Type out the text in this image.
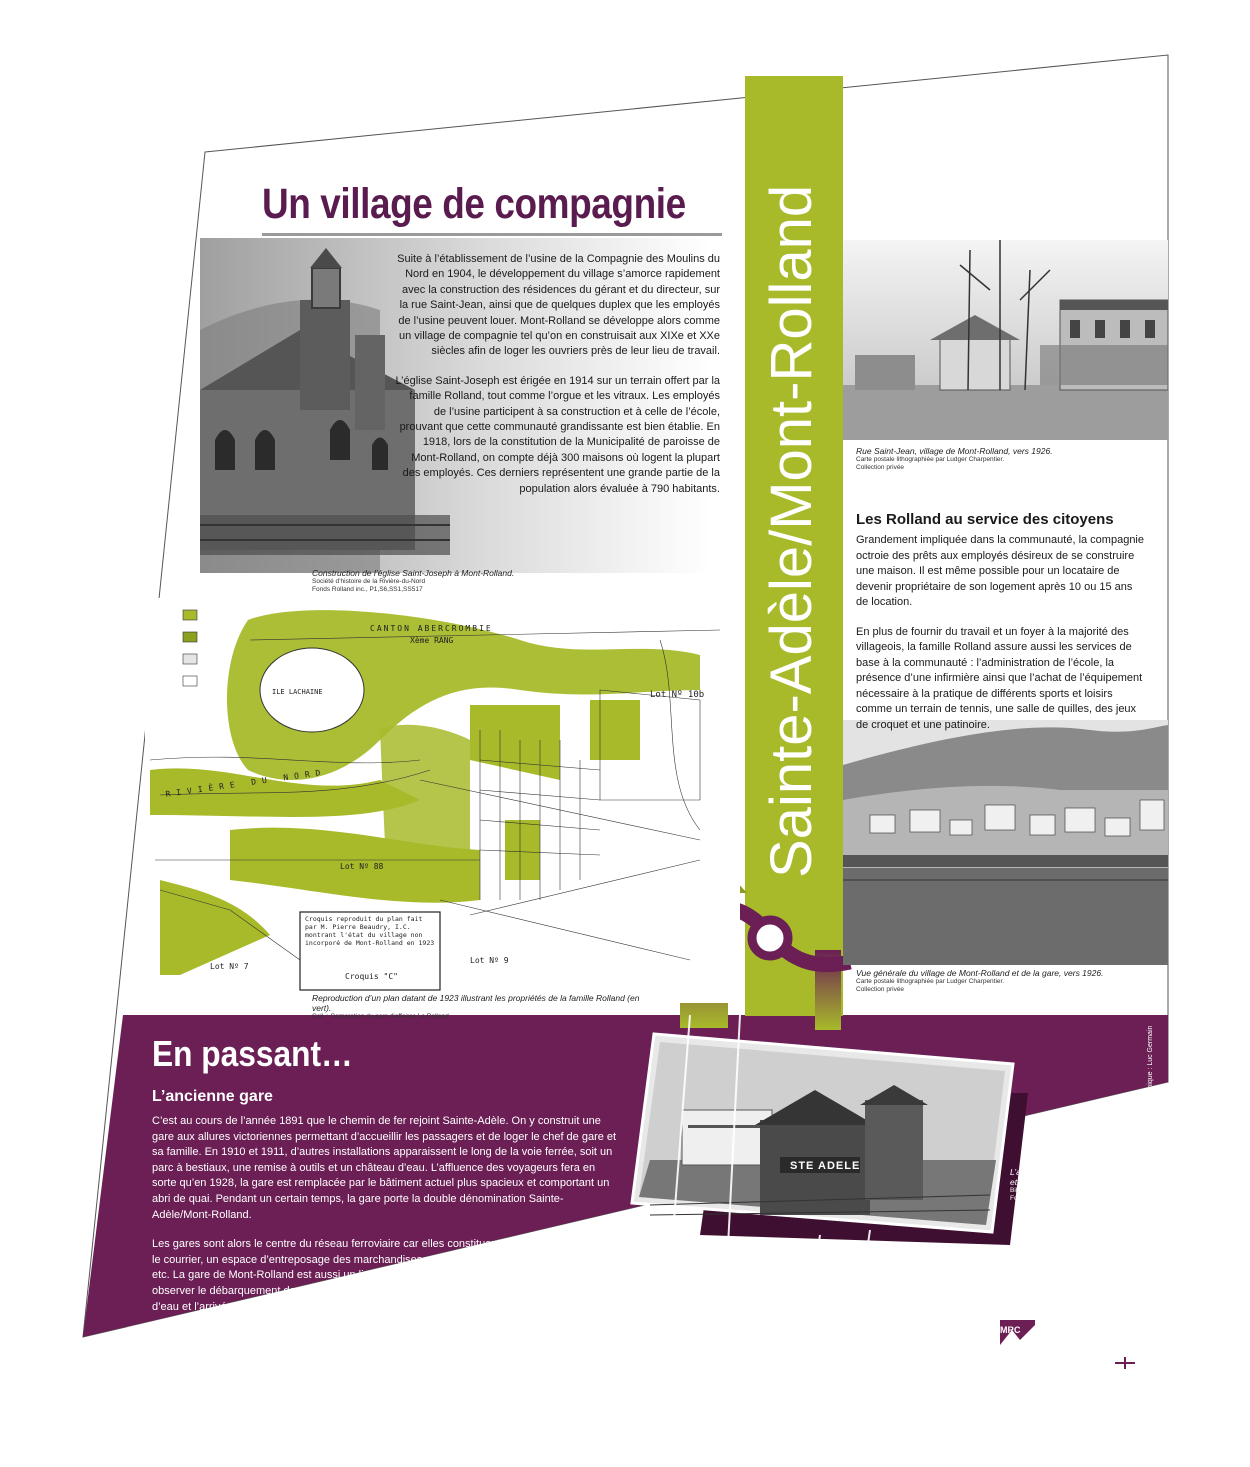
Un village de compagnie

Suite à l’établissement de l’usine de la Compagnie des Moulins du Nord en 1904, le développement du village s’amorce rapidement avec la construction des résidences du gérant et du directeur, sur la rue Saint-Jean, ainsi que de quelques duplex que les employés de l’usine peuvent louer. Mont-Rolland se développe alors comme un village de compagnie tel qu’on en construisait aux XIXe et XXe siècles afin de loger les ouvriers près de leur lieu de travail.

L’église Saint-Joseph est érigée en 1914 sur un terrain offert par la famille Rolland, tout comme l’orgue et les vitraux. Les employés de l’usine participent à sa construction et à celle de l’école, prouvant que cette communauté grandissante est bien établie. En 1918, lors de la constitution de la Municipalité de paroisse de Mont-Rolland, on compte déjà 300 maisons où logent la plupart des employés. Ces derniers représentent une grande partie de la population alors évaluée à 790 habitants.

Construction de l’église Saint-Joseph à Mont-Rolland.
Société d’histoire de la Rivière-du-Nord
Fonds Rolland inc., P1,S6,SS1,SS517
CANTON ABERCROMBIE
Xème RANG
ILE LACHAINE	Lot Nº 10b
Lot Nº 88
Lot Nº 9
Lot Nº 7
RIVIÈRE DU NORD
Croquis reproduit du plan fait par M. Pierre Beaudry, I.C. montrant l'état du village non incorporé de Mont-Rolland en 1923
Croquis "C"
Reproduction d’un plan datant de 1923 illustrant les propriétés de la famille Rolland (en vert).
Coll. : Corporation du parc d’affaires La Rolland
GARE DE Sainte-Adèle/Mont-Rolland	Rue Saint-Jean, village de Mont-Rolland, vers 1926.
Carte postale lithographiée par Ludger Charpentier.
Collection privée
Les Rolland au service des citoyens

Grandement impliquée dans la communauté, la compagnie octroie des prêts aux employés désireux de se construire une maison. Il est même possible pour un locataire de devenir propriétaire de son logement après 10 ou 15 ans de location.

En plus de fournir du travail et un foyer à la majorité des villageois, la famille Rolland assure aussi les services de base à la communauté : l’administration de l’école, la présence d’une infirmière ainsi que l’achat de l’équipement nécessaire à la pratique de différents sports et loisirs comme un terrain de tennis, une salle de quilles, des jeux de croquet et une patinoire.

Vue générale du village de Mont-Rolland et de la gare, vers 1926.
Carte postale lithographiée par Ludger Charpentier.
Collection privée
En passant…
L’ancienne gare

C’est au cours de l’année 1891 que le chemin de fer rejoint Sainte-Adèle. On y construit une gare aux allures victoriennes permettant d’accueillir les passagers et de loger le chef de gare et sa famille. En 1910 et 1911, d’autres installations apparaissent le long de la voie ferrée, soit un parc à bestiaux, une remise à outils et un château d’eau. L’affluence des voyageurs fera en sorte qu’en 1928, la gare est remplacée par le bâtiment actuel plus spacieux et comportant un abri de quai. Pendant un certain temps, la gare porte la double dénomination Sainte-Adèle/Mont-Rolland.

Les gares sont alors le centre du réseau ferroviaire car elles constituent un point de chute pour le courrier, un espace d’entreposage des marchandises, un lieu de contrôle du trafic ferroviaire, etc. La gare de Mont-Rolland est aussi un lieu de rencontres pour les villageois qui viennent y observer le débarquement des bagages, l’opération de remplissage de la locomotive au château d’eau et l’arrivée des skieurs en provenance de la ville.

STE ADELE	L’ancienne gare de Sainte-Adèle
et son château d’eau, vers 1920.
Bibliothèque et Archives nationales du Québec
Fonds Famille Papineau P7, S13, D10, P1
Conception graphique : Luc Germain
ENTENTE DE DÉVELOPPEMENT CULTUREL
MRC
PAYS-D'EN-HAUT
Culture,
Communications et
Condition féminine
Québec
